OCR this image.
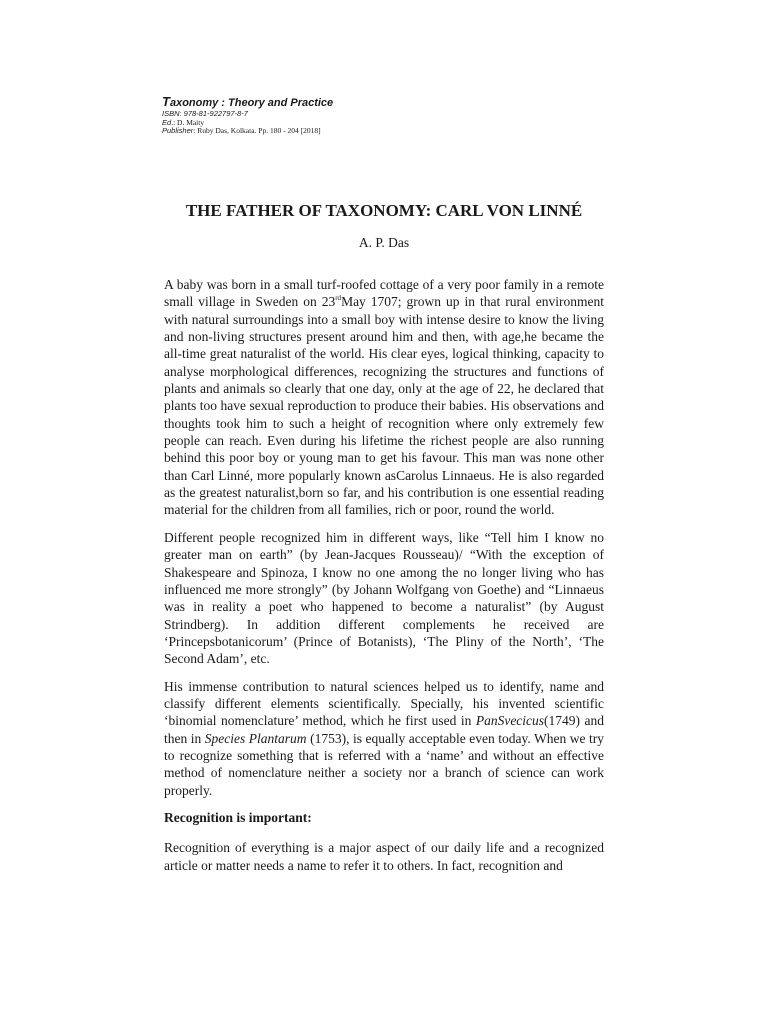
Taxonomy : Theory and Practice
ISBN: 978-81-922797-8-7
Ed.: D. Maity
Publisher: Ruby Das, Kolkata. Pp. 180 - 204 [2018]
THE FATHER OF TAXONOMY: CARL VON LINNÉ
A. P. Das

A baby was born in a small turf-roofed cottage of a very poor family in a remote small village in Sweden on 23rdMay 1707; grown up in that rural environment with natural surroundings into a small boy with intense desire to know the living and non-living structures present around him and then, with age,he became the all-time great naturalist of the world. His clear eyes, logical thinking, capacity to analyse morphological differences, recognizing the structures and functions of plants and animals so clearly that one day, only at the age of 22, he declared that plants too have sexual reproduction to produce their babies. His observations and thoughts took him to such a height of recognition where only extremely few people can reach. Even during his lifetime the richest people are also running behind this poor boy or young man to get his favour. This man was none other than Carl Linné, more popularly known asCarolus Linnaeus. He is also regarded as the greatest naturalist,born so far, and his contribution is one essential reading material for the children from all families, rich or poor, round the world.

Different people recognized him in different ways, like “Tell him I know no greater man on earth” (by Jean-Jacques Rousseau)/ “With the exception of Shakespeare and Spinoza, I know no one among the no longer living who has influenced me more strongly” (by Johann Wolfgang von Goethe) and “Linnaeus was in reality a poet who happened to become a naturalist” (by August Strindberg). In addition different complements he received are ‘Princepsbotanicorum’ (Prince of Botanists), ‘The Pliny of the North’, ‘The Second Adam’, etc.

His immense contribution to natural sciences helped us to identify, name and classify different elements scientifically. Specially, his invented scientific ‘binomial nomenclature’ method, which he first used in PanSvecicus(1749) and then in Species Plantarum (1753), is equally acceptable even today. When we try to recognize something that is referred with a ‘name’ and without an effective method of nomenclature neither a society nor a branch of science can work properly.

Recognition is important:

Recognition of everything is a major aspect of our daily life and a recognized article or matter needs a name to refer it to others. In fact, recognition and
